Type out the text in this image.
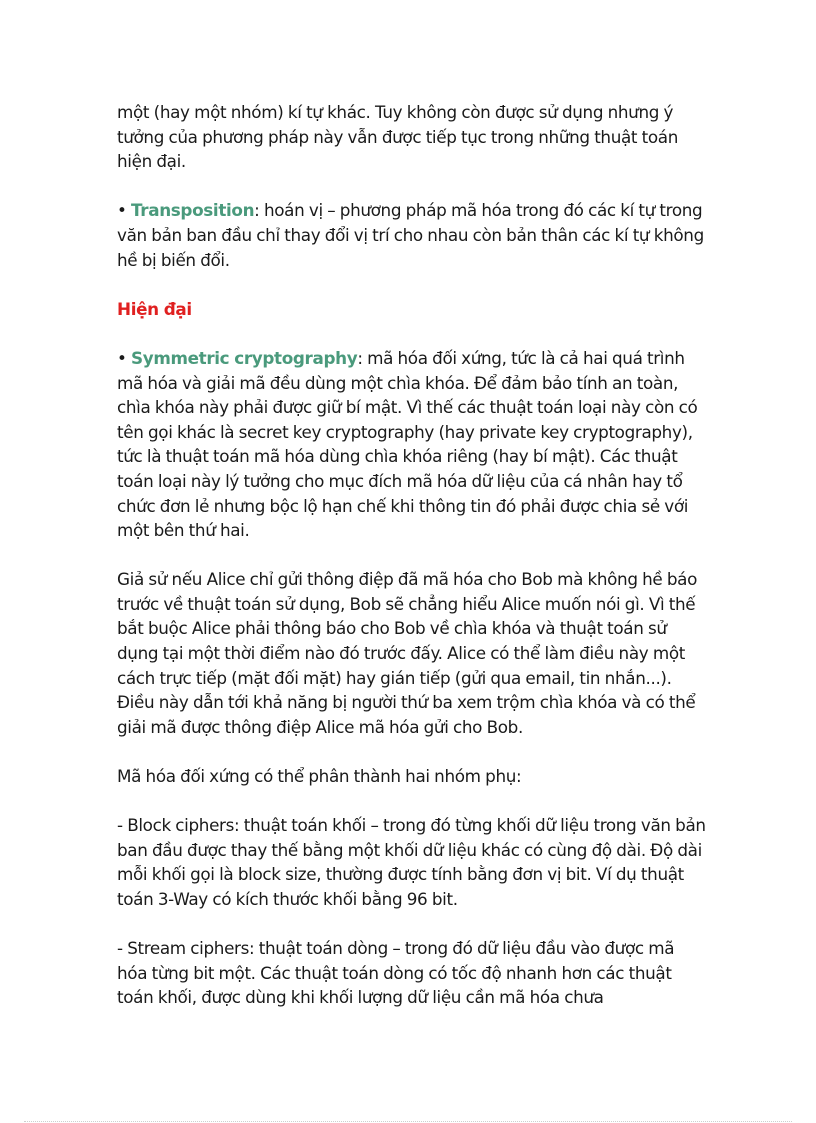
một (hay một nhóm) kí tự khác. Tuy không còn được sử dụng nhưng ý tưởng của phương pháp này vẫn được tiếp tục trong những thuật toán hiện đại.

• Transposition: hoán vị – phương pháp mã hóa trong đó các kí tự trong văn bản ban đầu chỉ thay đổi vị trí cho nhau còn bản thân các kí tự không hề bị biến đổi.

Hiện đại

• Symmetric cryptography: mã hóa đối xứng, tức là cả hai quá trình mã hóa và giải mã đều dùng một chìa khóa. Để đảm bảo tính an toàn, chìa khóa này phải được giữ bí mật. Vì thế các thuật toán loại này còn có tên gọi khác là secret key cryptography (hay private key cryptography), tức là thuật toán mã hóa dùng chìa khóa riêng (hay bí mật). Các thuật toán loại này lý tưởng cho mục đích mã hóa dữ liệu của cá nhân hay tổ chức đơn lẻ nhưng bộc lộ hạn chế khi thông tin đó phải được chia sẻ với một bên thứ hai.

Giả sử nếu Alice chỉ gửi thông điệp đã mã hóa cho Bob mà không hề báo trước về thuật toán sử dụng, Bob sẽ chẳng hiểu Alice muốn nói gì. Vì thế bắt buộc Alice phải thông báo cho Bob về chìa khóa và thuật toán sử dụng tại một thời điểm nào đó trước đấy. Alice có thể làm điều này một cách trực tiếp (mặt đối mặt) hay gián tiếp (gửi qua email, tin nhắn...). Điều này dẫn tới khả năng bị người thứ ba xem trộm chìa khóa và có thể giải mã được thông điệp Alice mã hóa gửi cho Bob.

Mã hóa đối xứng có thể phân thành hai nhóm phụ:

- Block ciphers: thuật toán khối – trong đó từng khối dữ liệu trong văn bản ban đầu được thay thế bằng một khối dữ liệu khác có cùng độ dài. Độ dài mỗi khối gọi là block size, thường được tính bằng đơn vị bit. Ví dụ thuật toán 3-Way có kích thước khối bằng 96 bit.

- Stream ciphers: thuật toán dòng – trong đó dữ liệu đầu vào được mã hóa từng bit một. Các thuật toán dòng có tốc độ nhanh hơn các thuật toán khối, được dùng khi khối lượng dữ liệu cần mã hóa chưa
